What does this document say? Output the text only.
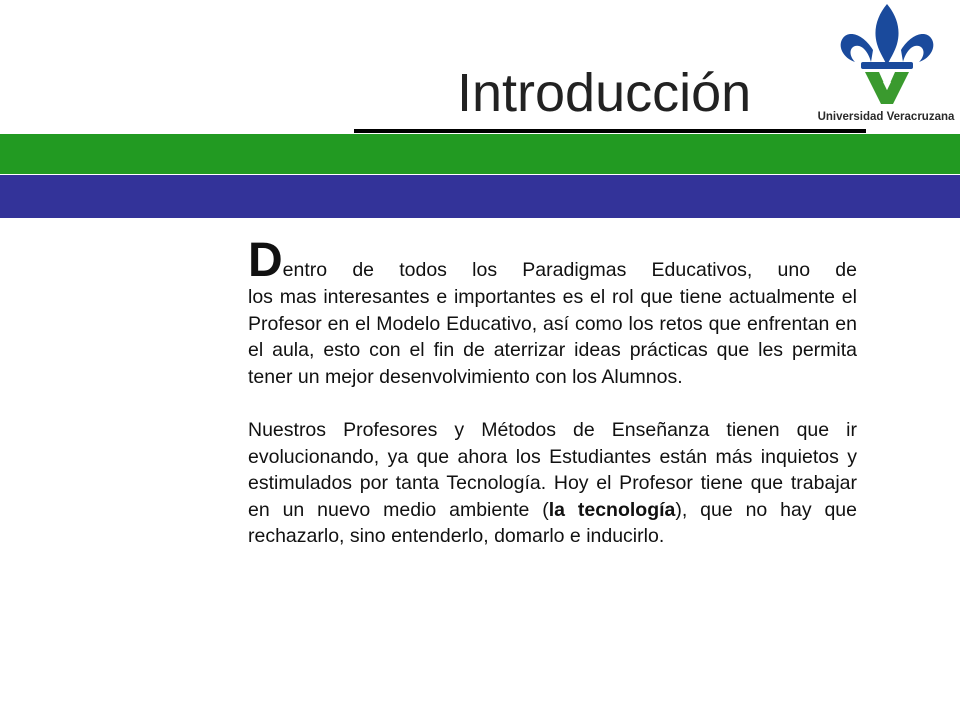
Introducción	Universidad Veracruzana

Dentro de todos los Paradigmas Educativos, uno de
los mas interesantes e importantes es el rol que tiene actualmente el Profesor en el Modelo Educativo, así como los retos que enfrentan en el aula, esto con el fin de aterrizar ideas prácticas que les permita tener un mejor desenvolvimiento con los Alumnos.

Nuestros Profesores y Métodos de Enseñanza tienen que ir evolucionando, ya que ahora los Estudiantes están más inquietos y estimulados por tanta Tecnología. Hoy el Profesor tiene que trabajar en un nuevo medio ambiente (la tecnología), que no hay que rechazarlo, sino entenderlo, domarlo e inducirlo.
